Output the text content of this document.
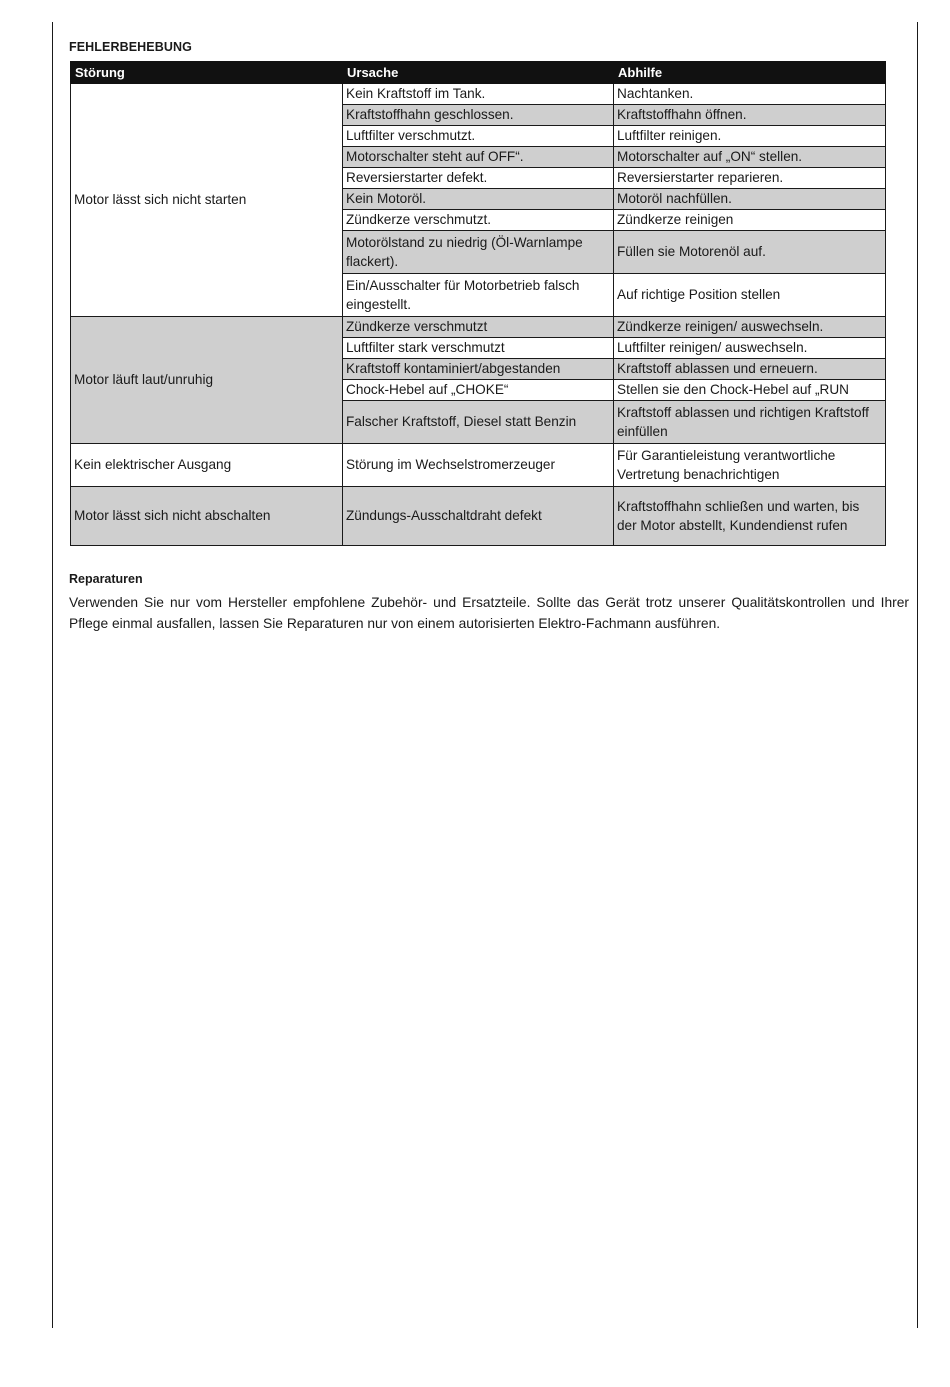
FEHLERBEHEBUNG
Störung	Ursache	Abhilfe
Motor lässt sich nicht starten	Kein Kraftstoff im Tank.	Nachtanken.
	Kraftstoffhahn geschlossen.	Kraftstoffhahn öffnen.
	Luftfilter verschmutzt.	Luftfilter reinigen.
	Motorschalter steht auf OFF“.	Motorschalter auf „ON“ stellen.
	Reversierstarter defekt.	Reversierstarter reparieren.
	Kein Motoröl.	Motoröl nachfüllen.
	Zündkerze verschmutzt.	Zündkerze reinigen
	Motorölstand zu niedrig (Öl-Warnlampe flackert).	Füllen sie Motorenöl auf.
	Ein/Ausschalter für Motorbetrieb falsch eingestellt.	Auf richtige Position stellen
Motor läuft laut/unruhig	Zündkerze verschmutzt	Zündkerze reinigen/ auswechseln.
	Luftfilter stark verschmutzt	Luftfilter reinigen/ auswechseln.
	Kraftstoff kontaminiert/abgestanden	Kraftstoff ablassen und erneuern.
	Chock-Hebel auf „CHOKE“	Stellen sie den Chock-Hebel auf „RUN
	Falscher Kraftstoff, Diesel statt Benzin	Kraftstoff ablassen und richtigen Kraftstoff einfüllen
Kein elektrischer Ausgang	Störung im Wechselstromerzeuger	Für Garantieleistung verantwortliche Vertretung benachrichtigen
Motor lässt sich nicht abschalten	Zündungs-Ausschaltdraht defekt	Kraftstoffhahn schließen und warten, bis der Motor abstellt, Kundendienst rufen
Reparaturen
Verwenden Sie nur vom Hersteller empfohlene Zubehör- und Ersatzteile. Sollte das Gerät trotz unserer Qualitätskontrollen und Ihrer Pflege einmal ausfallen, lassen Sie Reparaturen nur von einem autorisierten Elektro-Fachmann ausführen.
